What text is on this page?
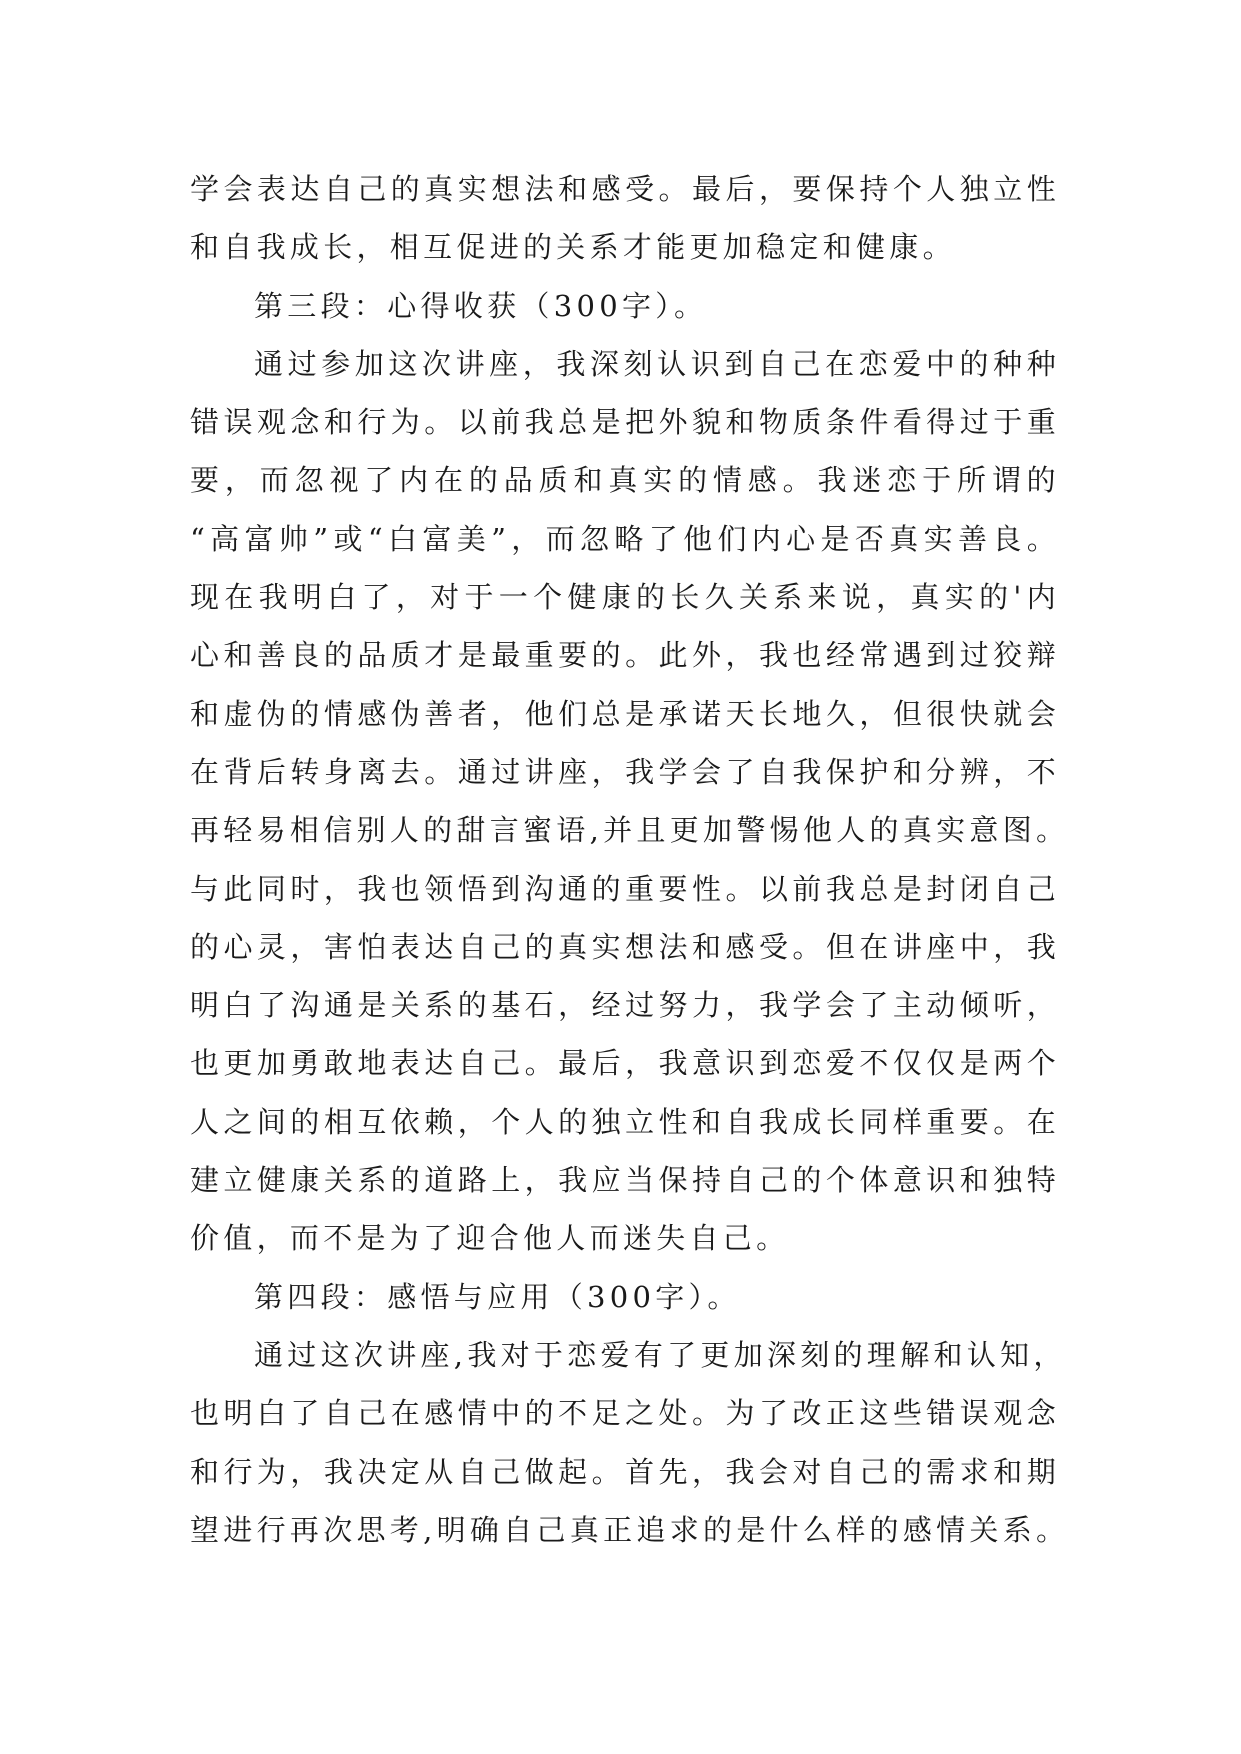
学会表达自己的真实想法和感受。最后，要保持个人独立性
和自我成长，相互促进的关系才能更加稳定和健康。
第三段：心得收获（300字）。
通过参加这次讲座，我深刻认识到自己在恋爱中的种种
错误观念和行为。以前我总是把外貌和物质条件看得过于重
要，而忽视了内在的品质和真实的情感。我迷恋于所谓的
“高富帅”或“白富美”，而忽略了他们内心是否真实善良。
现在我明白了，对于一个健康的长久关系来说，真实的'内
心和善良的品质才是最重要的。此外，我也经常遇到过狡辩
和虚伪的情感伪善者，他们总是承诺天长地久，但很快就会
在背后转身离去。通过讲座，我学会了自我保护和分辨，不
再轻易相信别人的甜言蜜语,并且更加警惕他人的真实意图。
与此同时，我也领悟到沟通的重要性。以前我总是封闭自己
的心灵，害怕表达自己的真实想法和感受。但在讲座中，我
明白了沟通是关系的基石，经过努力，我学会了主动倾听，
也更加勇敢地表达自己。最后，我意识到恋爱不仅仅是两个
人之间的相互依赖，个人的独立性和自我成长同样重要。在
建立健康关系的道路上，我应当保持自己的个体意识和独特
价值，而不是为了迎合他人而迷失自己。
第四段：感悟与应用（300字）。
通过这次讲座,我对于恋爱有了更加深刻的理解和认知，
也明白了自己在感情中的不足之处。为了改正这些错误观念
和行为，我决定从自己做起。首先，我会对自己的需求和期
望进行再次思考,明确自己真正追求的是什么样的感情关系。
